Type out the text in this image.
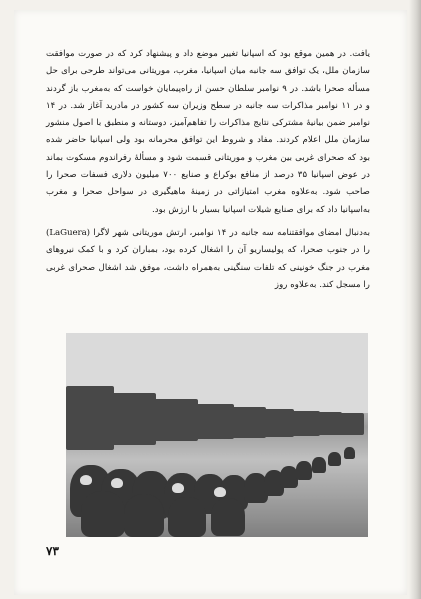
یافت. در همین موقع بود که اسپانیا تغییر موضع داد و پیشنهاد کرد که در صورت موافقت سازمان ملل، یک توافق سه جانبه میان اسپانیا، مغرب، موریتانی می‌تواند طرحی برای حل مسأله صحرا باشد. در ۹ نوامبر سلطان حسن از راه‌پیمایان خواست که به‌مغرب باز گردند و در ۱۱ نوامبر مذاکرات سه جانبه در سطح وزیران سه کشور در مادرید آغاز شد. در ۱۴ نوامبر ضمن بیانیهٔ مشترکی نتایج مذاکرات را تفاهم‌آمیز، دوستانه و منطبق با اصول منشور سازمان ملل اعلام کردند. مفاد و شروط این توافق محرمانه بود ولی اسپانیا حاضر شده بود که صحرای غربی بین مغرب و موریتانی قسمت شود و مسألهٔ رفراندوم مسکوت بماند در عوض اسپانیا ۳۵ درصد از منافع بوکراع و صنایع ۷۰۰ میلیون دلاری فسفات صحرا را صاحب شود. به‌علاوه مغرب امتیازاتی در زمینهٔ ماهیگیری در سواحل صحرا و مغرب به‌اسپانیا داد که برای صنایع شیلات اسپانیا بسیار با ارزش بود.

به‌دنبال امضای موافقتنامه سه جانبه در ۱۴ نوامبر، ارتش موریتانی شهر لاگرا (LaGuera) را در جنوب صحرا، که پولیساریو آن را اشغال کرده بود، بمباران کرد و با کمک نیروهای مغرب در جنگ خونینی که تلفات سنگینی به‌همراه داشت، موفق شد اشغال صحرای غربی را مسجل کند. به‌علاوه روز

۷۳
